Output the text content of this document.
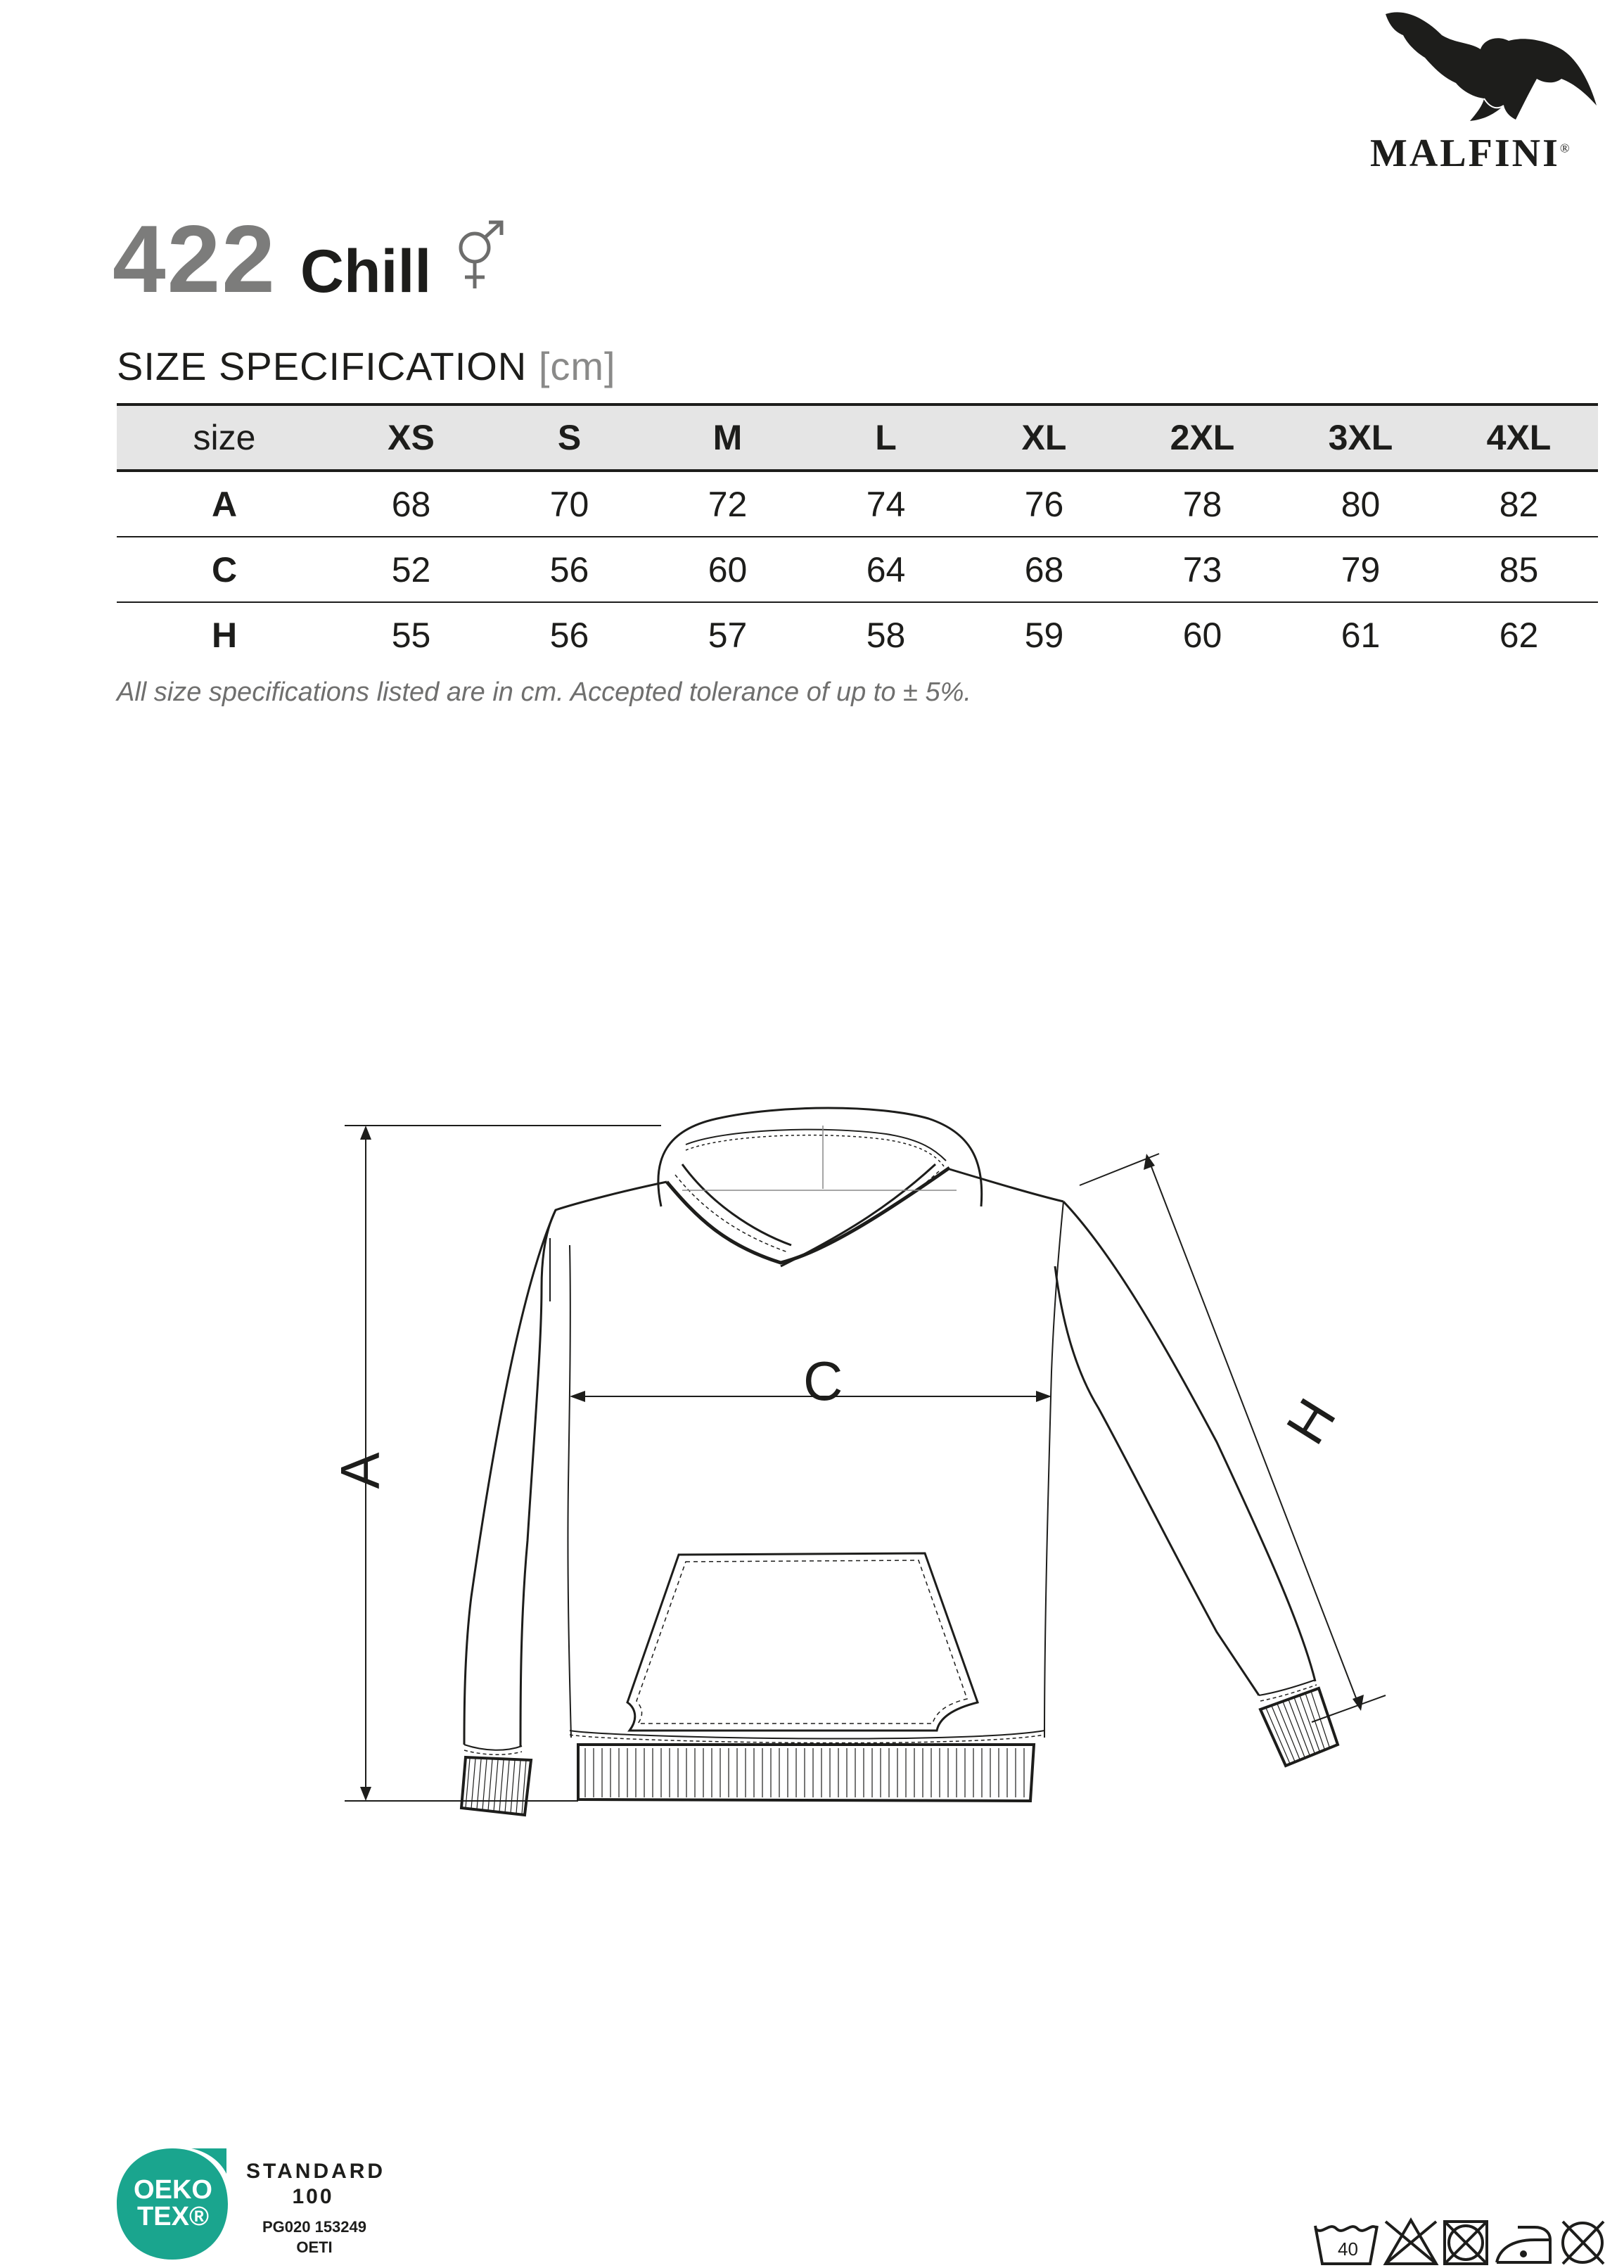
MALFINI®
422 Chill
SIZE SPECIFICATION [cm]
size	XS	S	M	L	XL	2XL	3XL	4XL
A	68	70	72	74	76	78	80	82
C	52	56	60	64	68	73	79	85
H	55	56	57	58	59	60	61	62
All size specifications listed are in cm. Accepted tolerance of up to ± 5%.
A
C
H
OEKO
TEX®
STANDARD
100
PG020 153249
OETI	40
